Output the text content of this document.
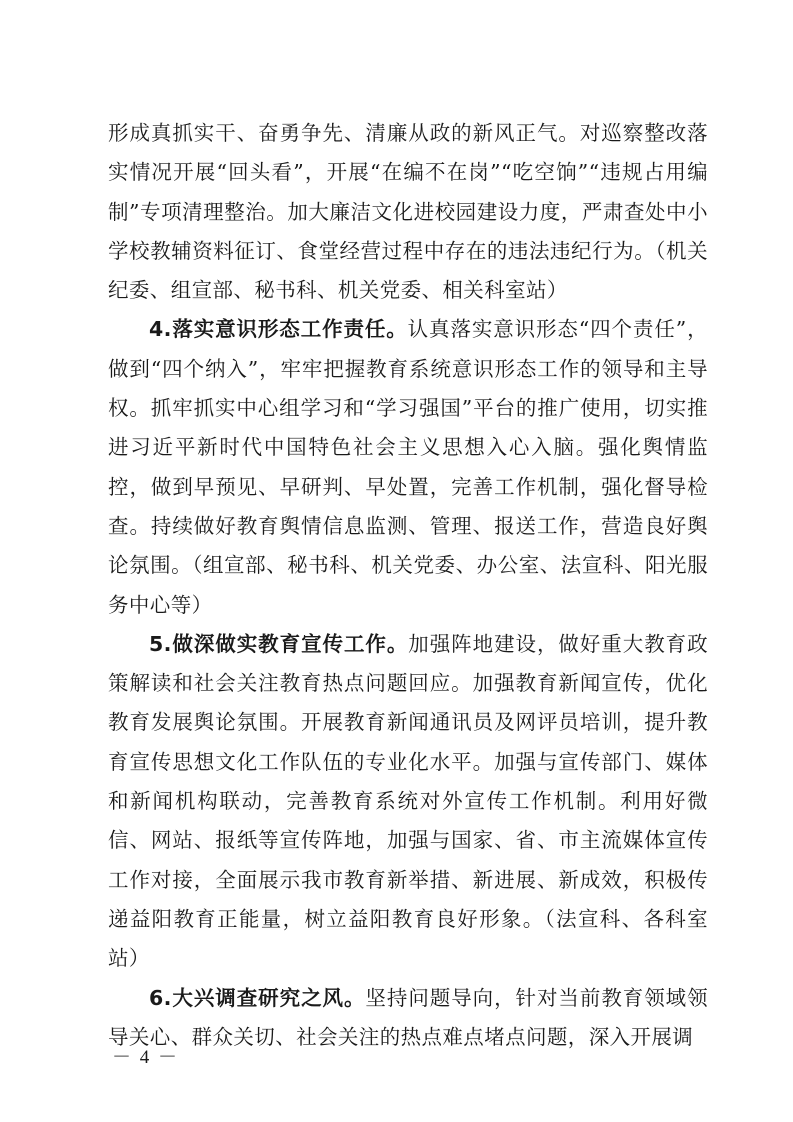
形成真抓实干、奋勇争先、清廉从政的新风正气。对巡察整改落实情况开展“回头看”，开展“在编不在岗”“吃空饷”“违规占用编制”专项清理整治。加大廉洁文化进校园建设力度，严肃查处中小学校教辅资料征订、食堂经营过程中存在的违法违纪行为。（机关纪委、组宣部、秘书科、机关党委、相关科室站）

4.落实意识形态工作责任。认真落实意识形态“四个责任”，做到“四个纳入”，牢牢把握教育系统意识形态工作的领导和主导权。抓牢抓实中心组学习和“学习强国”平台的推广使用，切实推进习近平新时代中国特色社会主义思想入心入脑。强化舆情监控，做到早预见、早研判、早处置，完善工作机制，强化督导检查。持续做好教育舆情信息监测、管理、报送工作，营造良好舆论氛围。（组宣部、秘书科、机关党委、办公室、法宣科、阳光服务中心等）

5.做深做实教育宣传工作。加强阵地建设，做好重大教育政策解读和社会关注教育热点问题回应。加强教育新闻宣传，优化教育发展舆论氛围。开展教育新闻通讯员及网评员培训，提升教育宣传思想文化工作队伍的专业化水平。加强与宣传部门、媒体和新闻机构联动，完善教育系统对外宣传工作机制。利用好微信、网站、报纸等宣传阵地，加强与国家、省、市主流媒体宣传工作对接，全面展示我市教育新举措、新进展、新成效，积极传递益阳教育正能量，树立益阳教育良好形象。（法宣科、各科室站）

6.大兴调查研究之风。坚持问题导向，针对当前教育领域领导关心、群众关切、社会关注的热点难点堵点问题，深入开展调

－ 4 －
